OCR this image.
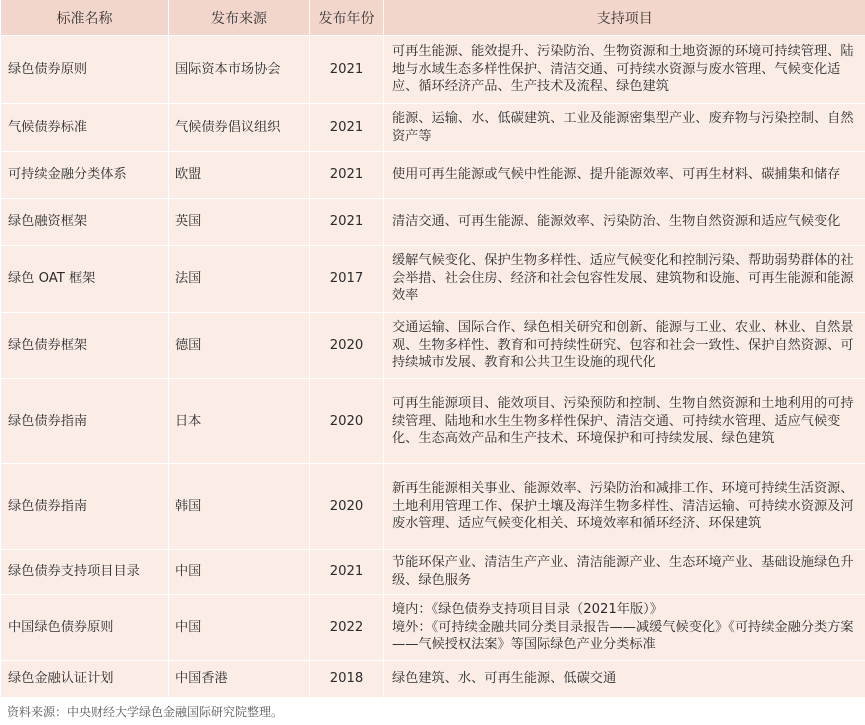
标准名称	发布来源	发布年份	支持项目
绿色债券原则	国际资本市场协会	2021	可再生能源、能效提升、污染防治、生物资源和土地资源的环境可持续管理、陆地与水域生态多样性保护、清洁交通、可持续水资源与废水管理、气候变化适应、循环经济产品、生产技术及流程、绿色建筑
气候债券标准	气候债券倡议组织	2021	能源、运输、水、低碳建筑、工业及能源密集型产业、废弃物与污染控制、自然资产等
可持续金融分类体系	欧盟	2021	使用可再生能源或气候中性能源、提升能源效率、可再生材料、碳捕集和储存
绿色融资框架	英国	2021	清洁交通、可再生能源、能源效率、污染防治、生物自然资源和适应气候变化
绿色 OAT 框架	法国	2017	缓解气候变化、保护生物多样性、适应气候变化和控制污染、帮助弱势群体的社会举措、社会住房、经济和社会包容性发展、建筑物和设施、可再生能源和能源效率
绿色债券框架	德国	2020	交通运输、国际合作、绿色相关研究和创新、能源与工业、农业、林业、自然景观、生物多样性、教育和可持续性研究、包容和社会一致性、保护自然资源、可持续城市发展、教育和公共卫生设施的现代化
绿色债券指南	日本	2020	可再生能源项目、能效项目、污染预防和控制、生物自然资源和土地利用的可持续管理、陆地和水生生物多样性保护、清洁交通、可持续水管理、适应气候变化、生态高效产品和生产技术、环境保护和可持续发展、绿色建筑
绿色债券指南	韩国	2020	新再生能源相关事业、能源效率、污染防治和减排工作、环境可持续生活资源、土地利用管理工作、保护土壤及海洋生物多样性、清洁运输、可持续水资源及河废水管理、适应气候变化相关、环境效率和循环经济、环保建筑
绿色债券支持项目目录	中国	2021	节能环保产业、清洁生产产业、清洁能源产业、生态环境产业、基础设施绿色升级、绿色服务
中国绿色债券原则	中国	2022	境内：《绿色债券支持项目目录（2021年版）》
境外：《可持续金融共同分类目录报告——减缓气候变化》《可持续金融分类方案——气候授权法案》等国际绿色产业分类标准

绿色金融认证计划	中国香港	2018	绿色建筑、水、可再生能源、低碳交通
资料来源：中央财经大学绿色金融国际研究院整理。
